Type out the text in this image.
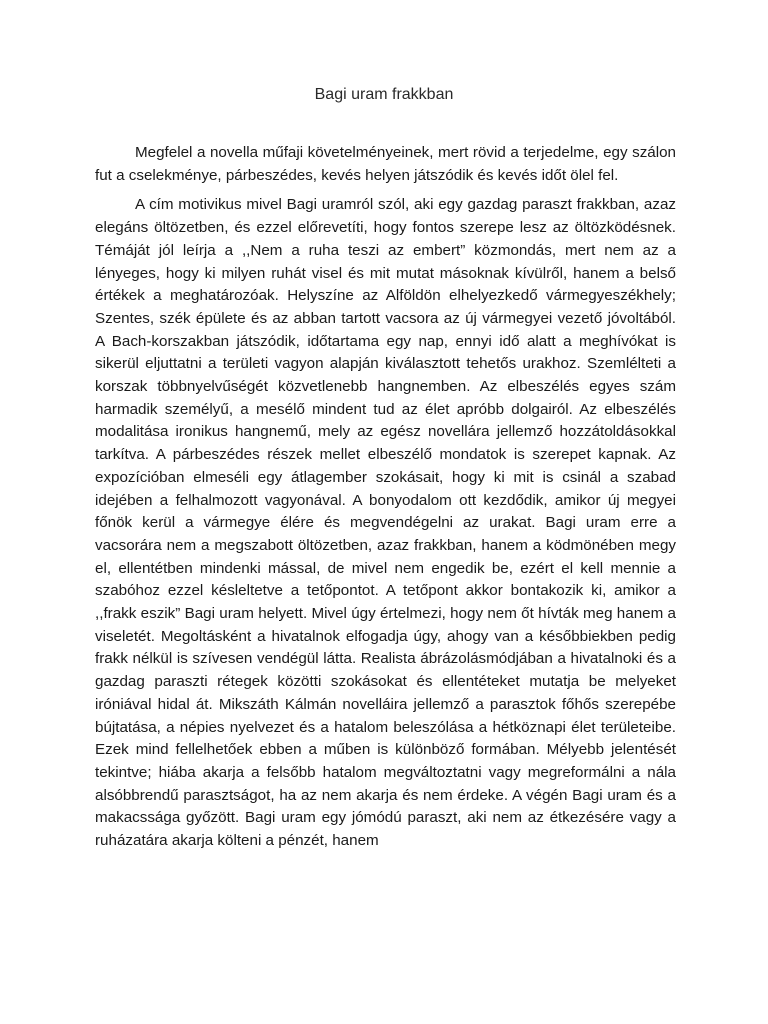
Bagi uram frakkban

Megfelel a novella műfaji követelményeinek, mert rövid a terjedelme, egy szálon fut a cselekménye, párbeszédes, kevés helyen játszódik és kevés időt ölel fel.

A cím motivikus mivel Bagi uramról szól, aki egy gazdag paraszt frakkban, azaz elegáns öltözetben, és ezzel előrevetíti, hogy fontos szerepe lesz az öltözködésnek. Témáját jól leírja a ,,Nem a ruha teszi az embert” közmondás, mert nem az a lényeges, hogy ki milyen ruhát visel és mit mutat másoknak kívülről, hanem a belső értékek a meghatározóak. Helyszíne az Alföldön elhelyezkedő vármegyeszékhely; Szentes, szék épülete és az abban tartott vacsora az új vármegyei vezető jóvoltából. A Bach-korszakban játszódik, időtartama egy nap, ennyi idő alatt a meghívókat is sikerül eljuttatni a területi vagyon alapján kiválasztott tehetős urakhoz. Szemlélteti a korszak többnyelvűségét közvetlenebb hangnemben. Az elbeszélés egyes szám harmadik személyű, a mesélő mindent tud az élet apróbb dolgairól. Az elbeszélés modalitása ironikus hangnemű, mely az egész novellára jellemző hozzátoldásokkal tarkítva. A párbeszédes részek mellet elbeszélő mondatok is szerepet kapnak. Az expozícióban elmeséli egy átlagember szokásait, hogy ki mit is csinál a szabad idejében a felhalmozott vagyonával. A bonyodalom ott kezdődik, amikor új megyei főnök kerül a vármegye élére és megvendégelni az urakat. Bagi uram erre a vacsorára nem a megszabott öltözetben, azaz frakkban, hanem a ködmönében megy el, ellentétben mindenki mással, de mivel nem engedik be, ezért el kell mennie a szabóhoz ezzel késleltetve a tetőpontot. A tetőpont akkor bontakozik ki, amikor a ,,frakk eszik” Bagi uram helyett. Mivel úgy értelmezi, hogy nem őt hívták meg hanem a viseletét. Megoltásként a hivatalnok elfogadja úgy, ahogy van a későbbiekben pedig frakk nélkül is szívesen vendégül látta. Realista ábrázolásmódjában a hivatalnoki és a gazdag paraszti rétegek közötti szokásokat és ellentéteket mutatja be melyeket iróniával hidal át. Mikszáth Kálmán novelláira jellemző a parasztok főhős szerepébe bújtatása, a népies nyelvezet és a hatalom beleszólása a hétköznapi élet területeibe. Ezek mind fellelhetőek ebben a műben is különböző formában. Mélyebb jelentését tekintve; hiába akarja a felsőbb hatalom megváltoztatni vagy megreformálni a nála alsóbbrendű parasztságot, ha az nem akarja és nem érdeke. A végén Bagi uram és a makacssága győzött. Bagi uram egy jómódú paraszt, aki nem az étkezésére vagy a ruházatára akarja költeni a pénzét, hanem
